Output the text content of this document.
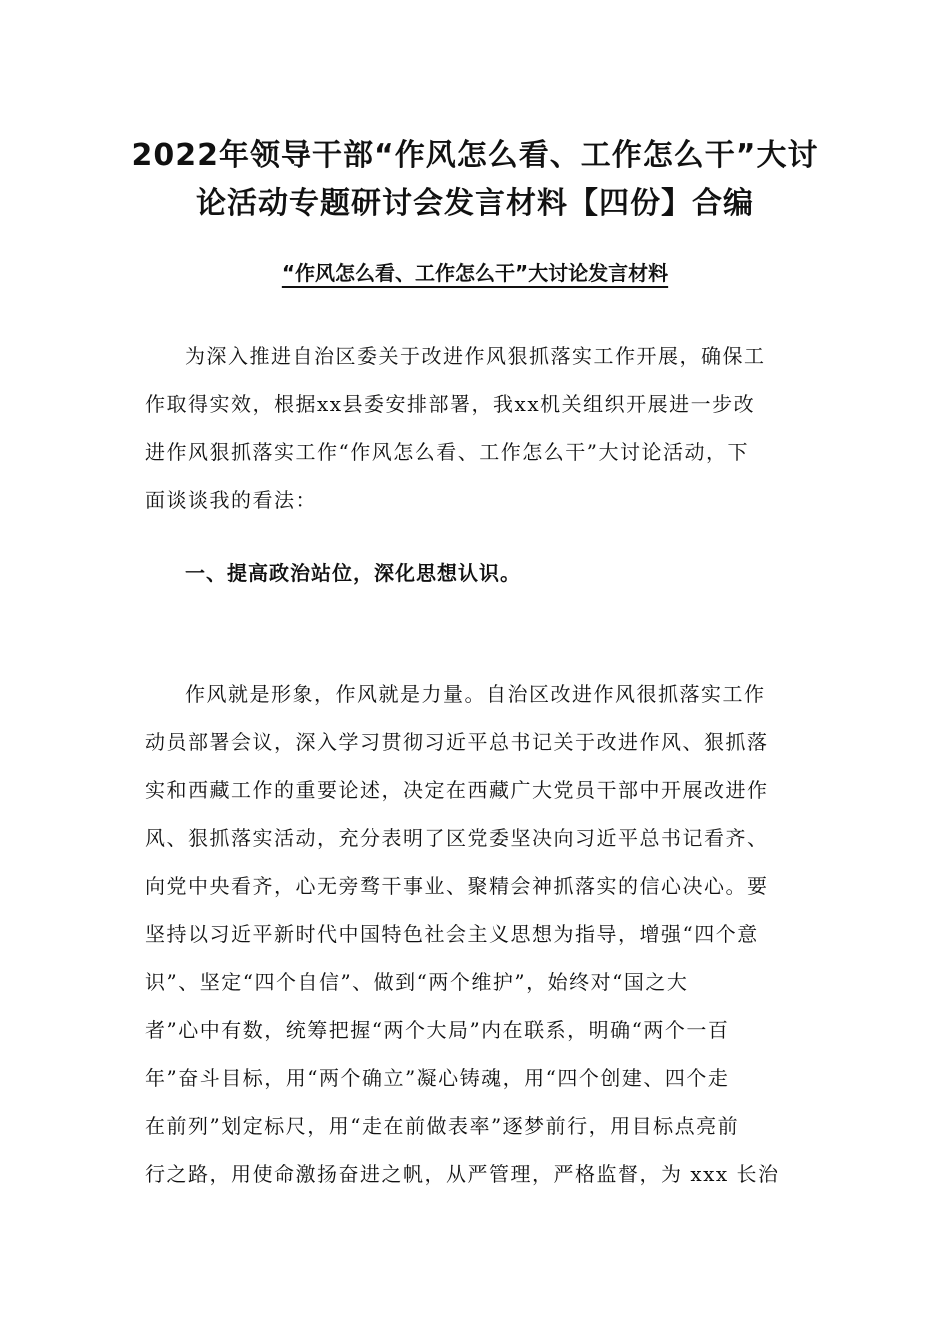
2022年领导干部“作风怎么看、工作怎么干”大讨
论活动专题研讨会发言材料【四份】合编
“作风怎么看、工作怎么干”大讨论发言材料
为深入推进自治区委关于改进作风狠抓落实工作开展，确保工
作取得实效，根据xx县委安排部署，我xx机关组织开展进一步改
进作风狠抓落实工作“作风怎么看、工作怎么干”大讨论活动，下
面谈谈我的看法：
一、提高政治站位，深化思想认识。
作风就是形象，作风就是力量。自治区改进作风很抓落实工作
动员部署会议，深入学习贯彻习近平总书记关于改进作风、狠抓落
实和西藏工作的重要论述，决定在西藏广大党员干部中开展改进作
风、狠抓落实活动，充分表明了区党委坚决向习近平总书记看齐、
向党中央看齐，心无旁骛干事业、聚精会神抓落实的信心决心。要
坚持以习近平新时代中国特色社会主义思想为指导，增强“四个意
识”、坚定“四个自信”、做到“两个维护”，始终对“国之大
者”心中有数，统筹把握“两个大局”内在联系，明确“两个一百
年”奋斗目标，用“两个确立”凝心铸魂，用“四个创建、四个走
在前列”划定标尺，用“走在前做表率”逐梦前行，用目标点亮前
行之路，用使命激扬奋进之帆，从严管理，严格监督，为 xxx 长治
